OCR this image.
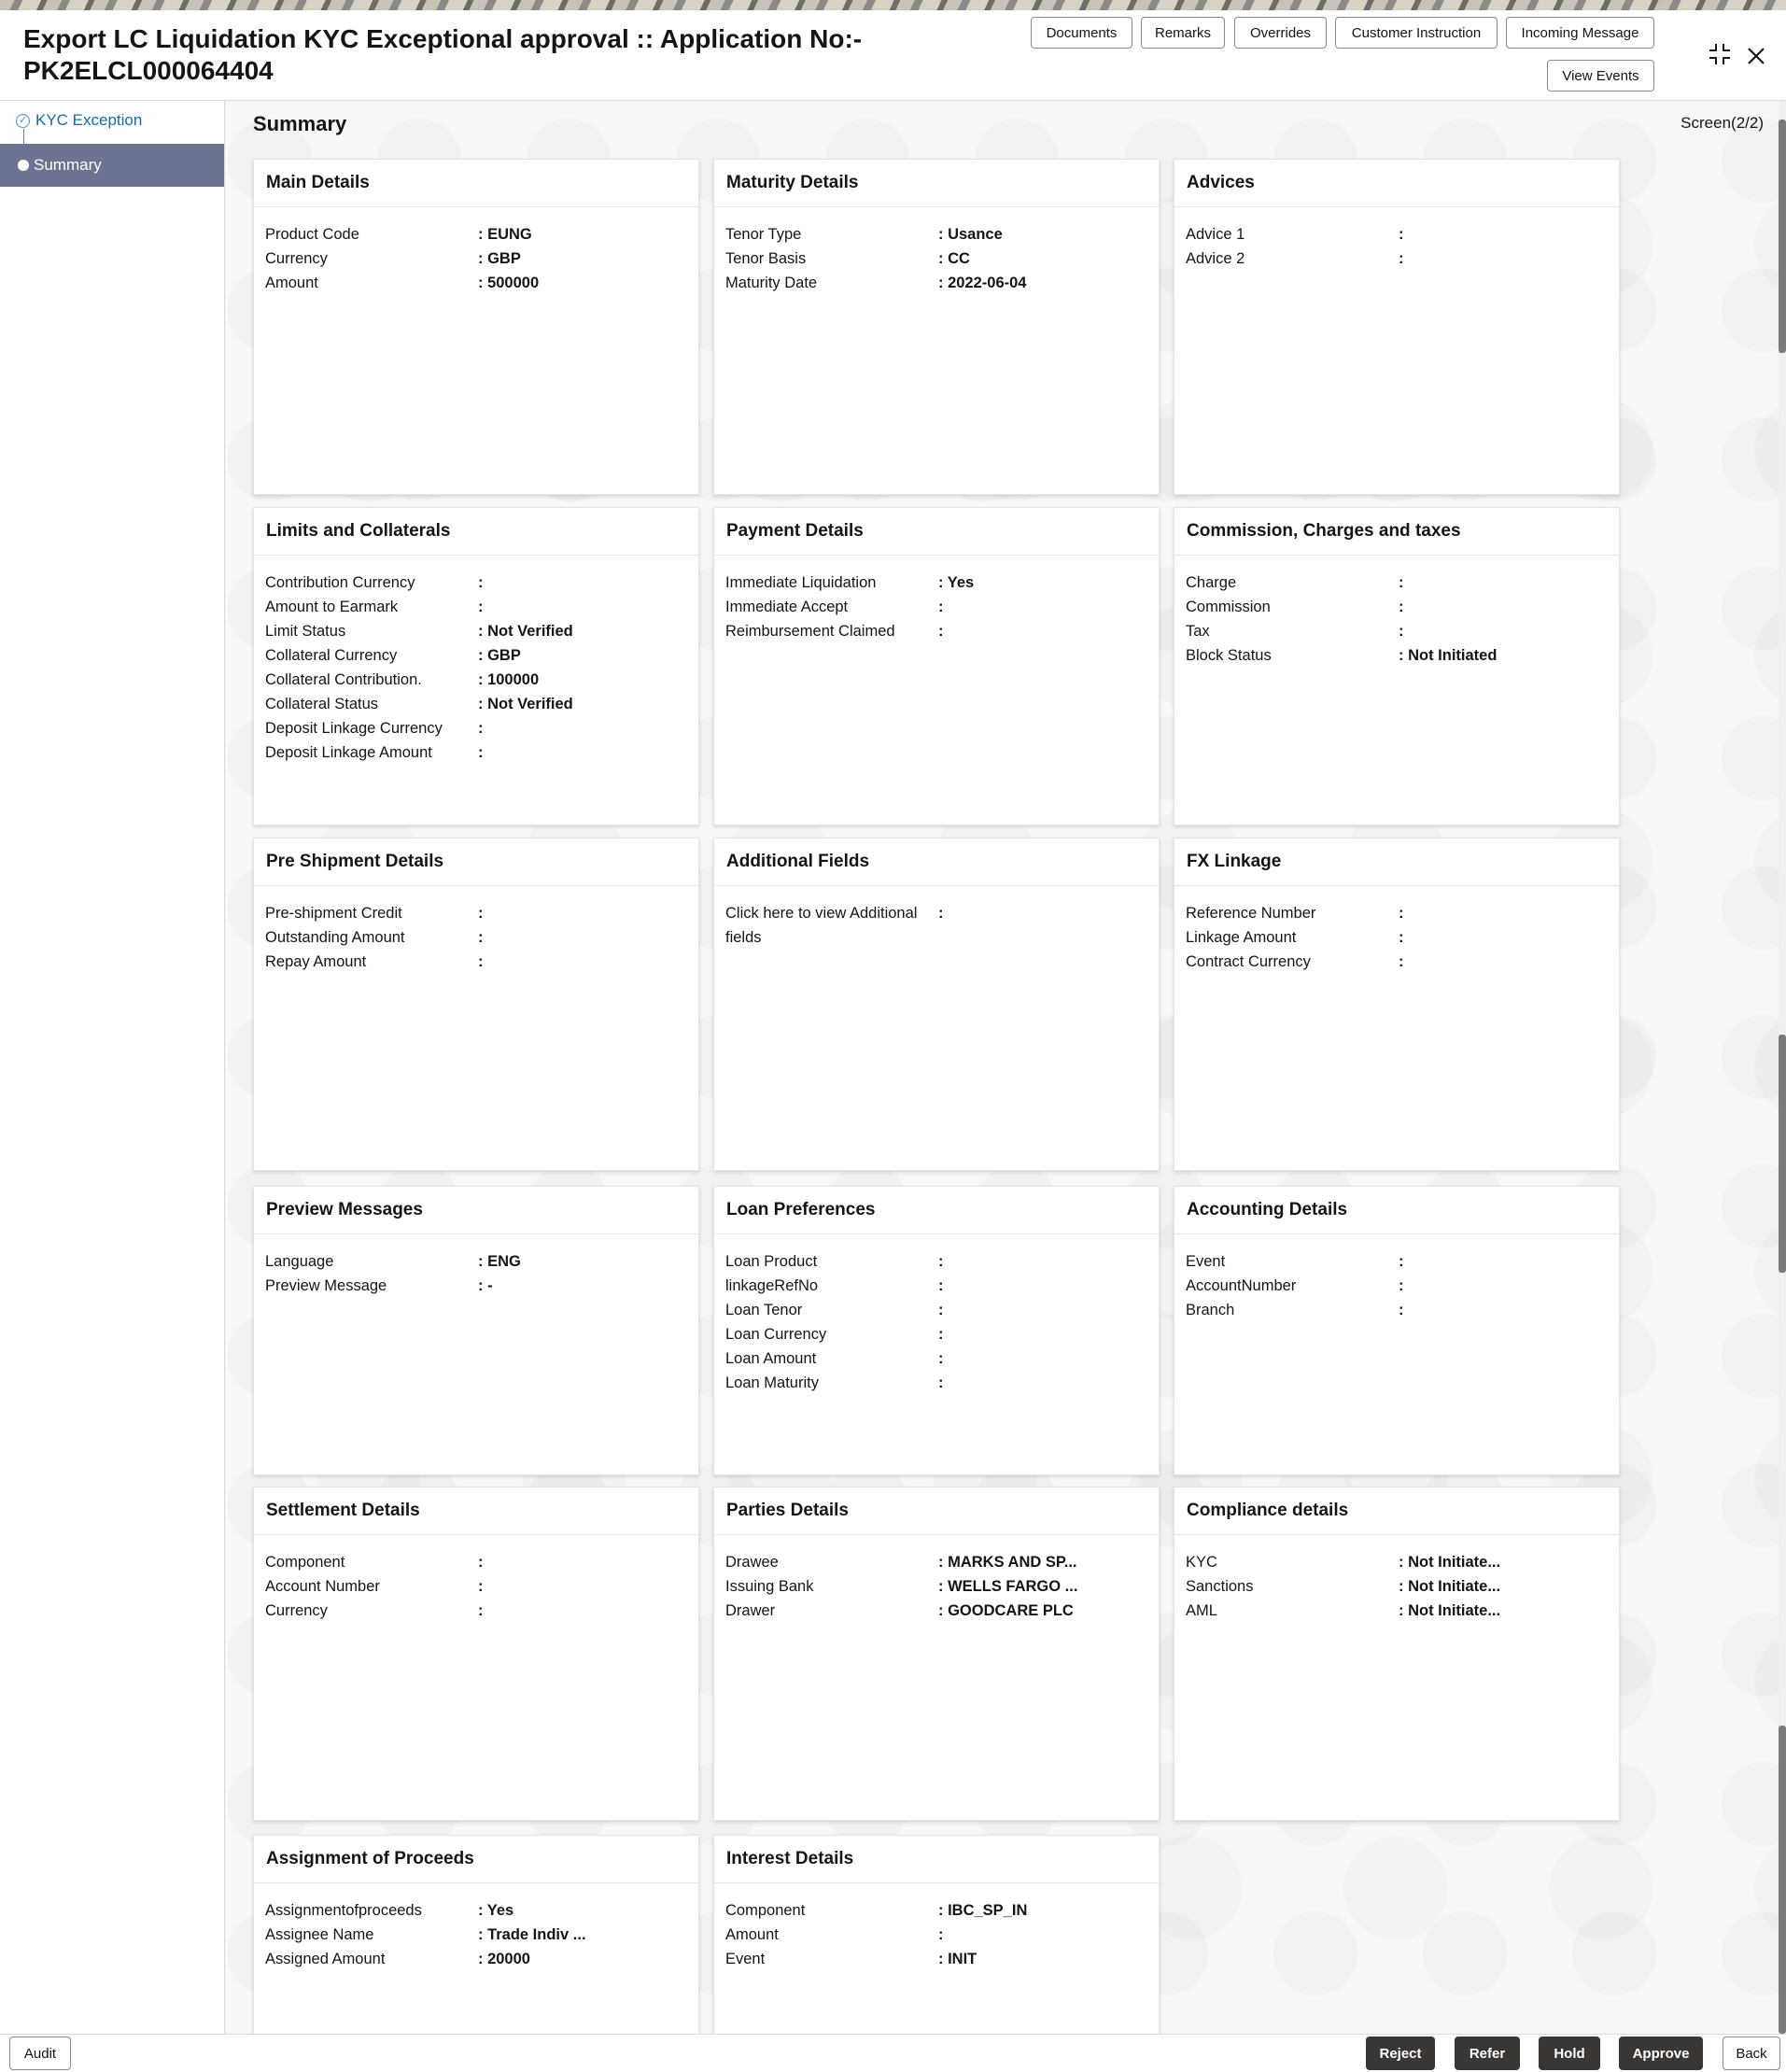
Export LC Liquidation KYC Exceptional approval :: Application No:- PK2ELCL000064404
Documents	Remarks	Overrides	Customer Instruction	Incoming Message
View Events
✓ KYC Exception
Summary
Summary	Screen(2/2)
Main Details
Product Code	: EUNG
Currency	: GBP
Amount	: 500000
Maturity Details
Tenor Type	: Usance
Tenor Basis	: CC
Maturity Date	: 2022-06-04
Advices
Advice 1	:
Advice 2	:
Limits and Collaterals
Contribution Currency	:
Amount to Earmark	:
Limit Status	: Not Verified
Collateral Currency	: GBP
Collateral Contribution.	: 100000
Collateral Status	: Not Verified
Deposit Linkage Currency :
Deposit Linkage Amount	:
Payment Details
Immediate Liquidation	: Yes
Immediate Accept	:
Reimbursement Claimed	:
Commission, Charges and taxes
Charge	:
Commission	:
Tax	:
Block Status	: Not Initiated
Pre Shipment Details
Pre-shipment Credit	:
Outstanding Amount	:
Repay Amount	:
Additional Fields
Click here to view Additional fields:
FX Linkage
Reference Number	:
Linkage Amount	:
Contract Currency	:
Preview Messages
Language	: ENG
Preview Message	: -
Loan Preferences
Loan Product	:
linkageRefNo	:
Loan Tenor	:
Loan Currency	:
Loan Amount	:
Loan Maturity	:
Accounting Details
Event	:
AccountNumber	:
Branch	:
Settlement Details
Component	:
Account Number	:
Currency	:
Parties Details
Drawee	: MARKS AND SP...
Issuing Bank	: WELLS FARGO ...
Drawer	: GOODCARE PLC
Compliance details
KYC	: Not Initiate...
Sanctions	: Not Initiate...
AML	: Not Initiate...
Assignment of Proceeds
Assignmentofproceeds	: Yes
Assignee Name	: Trade Indiv ...
Assigned Amount	: 20000
Interest Details
Component	: IBC_SP_IN
Amount	:
Event	: INIT
Audit	Reject	Refer	Hold	Approve	Back
